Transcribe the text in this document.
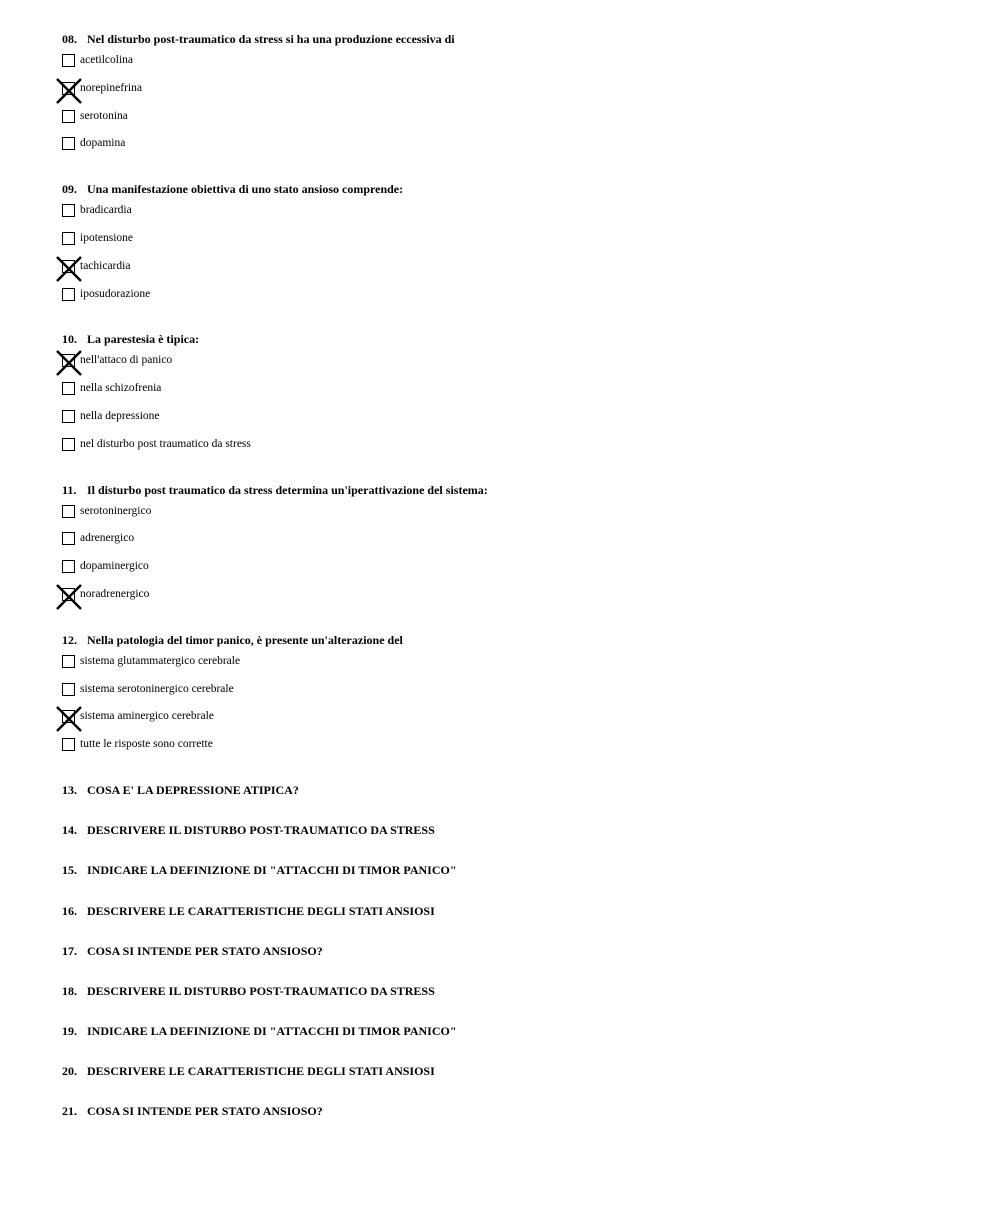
08. Nel disturbo post-traumatico da stress si ha una produzione eccessiva di
acetilcolina
norepinefrina
serotonina
dopamina
09. Una manifestazione obiettiva di uno stato ansioso comprende:
bradicardia
ipotensione
tachicardia
iposudorazione
10. La parestesia è tipica:
nell'attaco di panico
nella schizofrenia
nella depressione
nel disturbo post traumatico da stress
11. Il disturbo post traumatico da stress determina un'iperattivazione del sistema:
serotoninergico
adrenergico
dopaminergico
noradrenergico
12. Nella patologia del timor panico, è presente un'alterazione del
sistema glutammatergico cerebrale
sistema serotoninergico cerebrale
sistema aminergico cerebrale
tutte le risposte sono corrette
13. COSA E' LA DEPRESSIONE ATIPICA?
14. DESCRIVERE IL DISTURBO POST-TRAUMATICO DA STRESS
15. INDICARE LA DEFINIZIONE DI "ATTACCHI DI TIMOR PANICO"
16. DESCRIVERE LE CARATTERISTICHE DEGLI STATI ANSIOSI
17. COSA SI INTENDE PER STATO ANSIOSO?
18. DESCRIVERE IL DISTURBO POST-TRAUMATICO DA STRESS
19. INDICARE LA DEFINIZIONE DI "ATTACCHI DI TIMOR PANICO"
20. DESCRIVERE LE CARATTERISTICHE DEGLI STATI ANSIOSI
21. COSA SI INTENDE PER STATO ANSIOSO?
